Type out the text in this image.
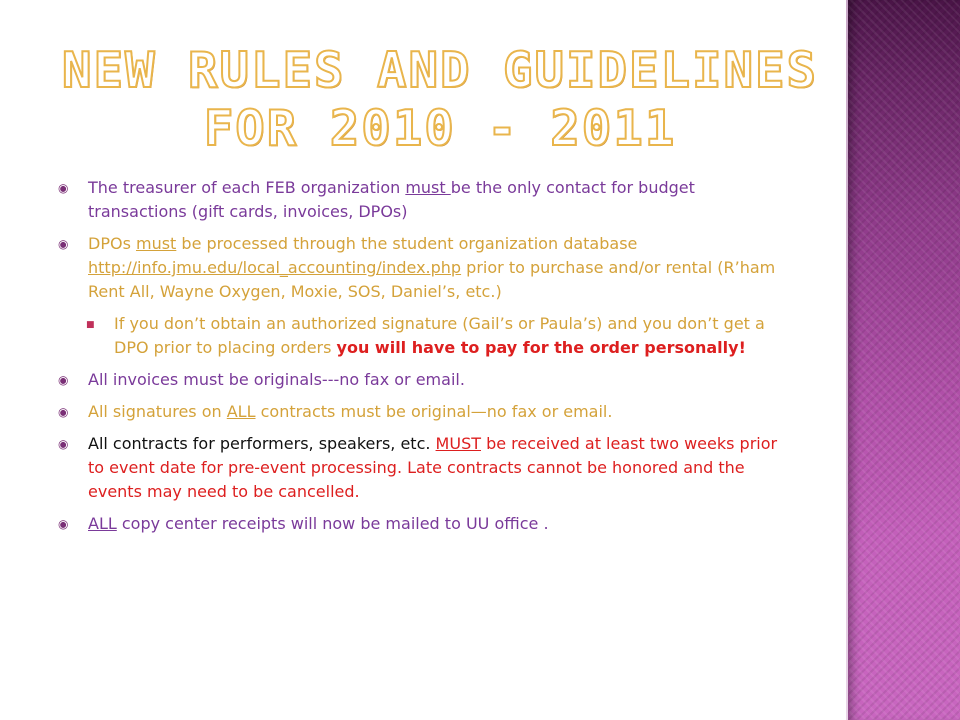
NEW RULES AND GUIDELINES FOR 2010 - 2011
◉ The treasurer of each FEB organization must be the only contact for budget transactions (gift cards, invoices, DPOs)
◉ DPOs must be processed through the student organization database http://info.jmu.edu/local_accounting/index.php prior to purchase and/or rental (R’ham Rent All, Wayne Oxygen, Moxie, SOS, Daniel’s, etc.)
■ If you don’t obtain an authorized signature (Gail’s or Paula’s) and you don’t get a DPO prior to placing orders you will have to pay for the order personally!
◉ All invoices must be originals---no fax or email.
◉ All signatures on ALL contracts must be original—no fax or email.
◉ All contracts for performers, speakers, etc. MUST be received at least two weeks prior to event date for pre-event processing. Late contracts cannot be honored and the events may need to be cancelled.
◉ ALL copy center receipts will now be mailed to UU office .
